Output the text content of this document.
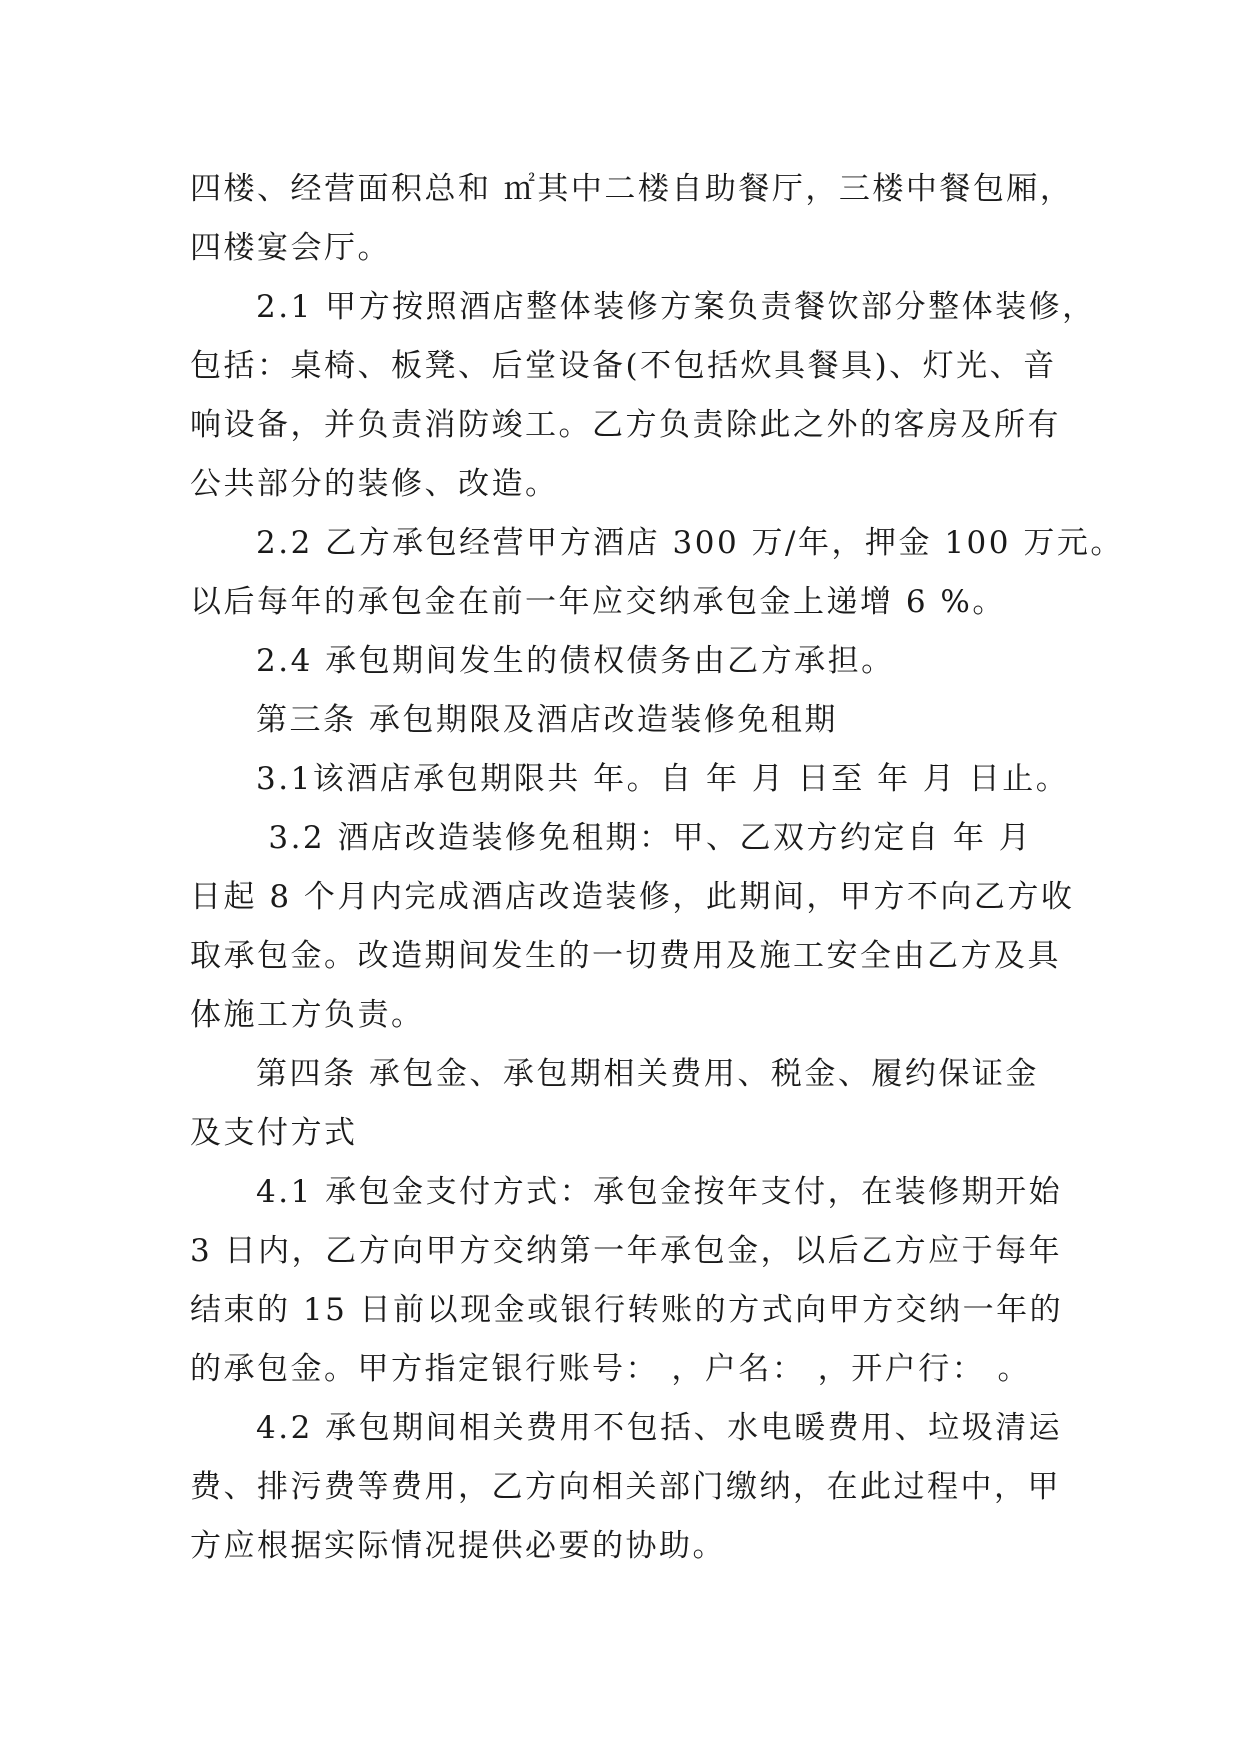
四楼、经营面积总和 ㎡其中二楼自助餐厅，三楼中餐包厢，
四楼宴会厅。
2.1 甲方按照酒店整体装修方案负责餐饮部分整体装修，
包括：桌椅、板凳、后堂设备(不包括炊具餐具)、灯光、音
响设备，并负责消防竣工。乙方负责除此之外的客房及所有
公共部分的装修、改造。
2.2 乙方承包经营甲方酒店 300 万/年，押金 100 万元。
以后每年的承包金在前一年应交纳承包金上递增 6 %。
2.4 承包期间发生的债权债务由乙方承担。
第三条 承包期限及酒店改造装修免租期
3.1该酒店承包期限共 年。自 年 月 日至 年 月 日止。
3.2 酒店改造装修免租期：甲、乙双方约定自 年 月
日起 8 个月内完成酒店改造装修，此期间，甲方不向乙方收
取承包金。改造期间发生的一切费用及施工安全由乙方及具
体施工方负责。
第四条 承包金、承包期相关费用、税金、履约保证金
及支付方式
4.1 承包金支付方式：承包金按年支付，在装修期开始
3 日内，乙方向甲方交纳第一年承包金，以后乙方应于每年
结束的 15 日前以现金或银行转账的方式向甲方交纳一年的
的承包金。甲方指定银行账号： ，户名： ，开户行： 。
4.2 承包期间相关费用不包括、水电暖费用、垃圾清运
费、排污费等费用，乙方向相关部门缴纳，在此过程中，甲
方应根据实际情况提供必要的协助。
